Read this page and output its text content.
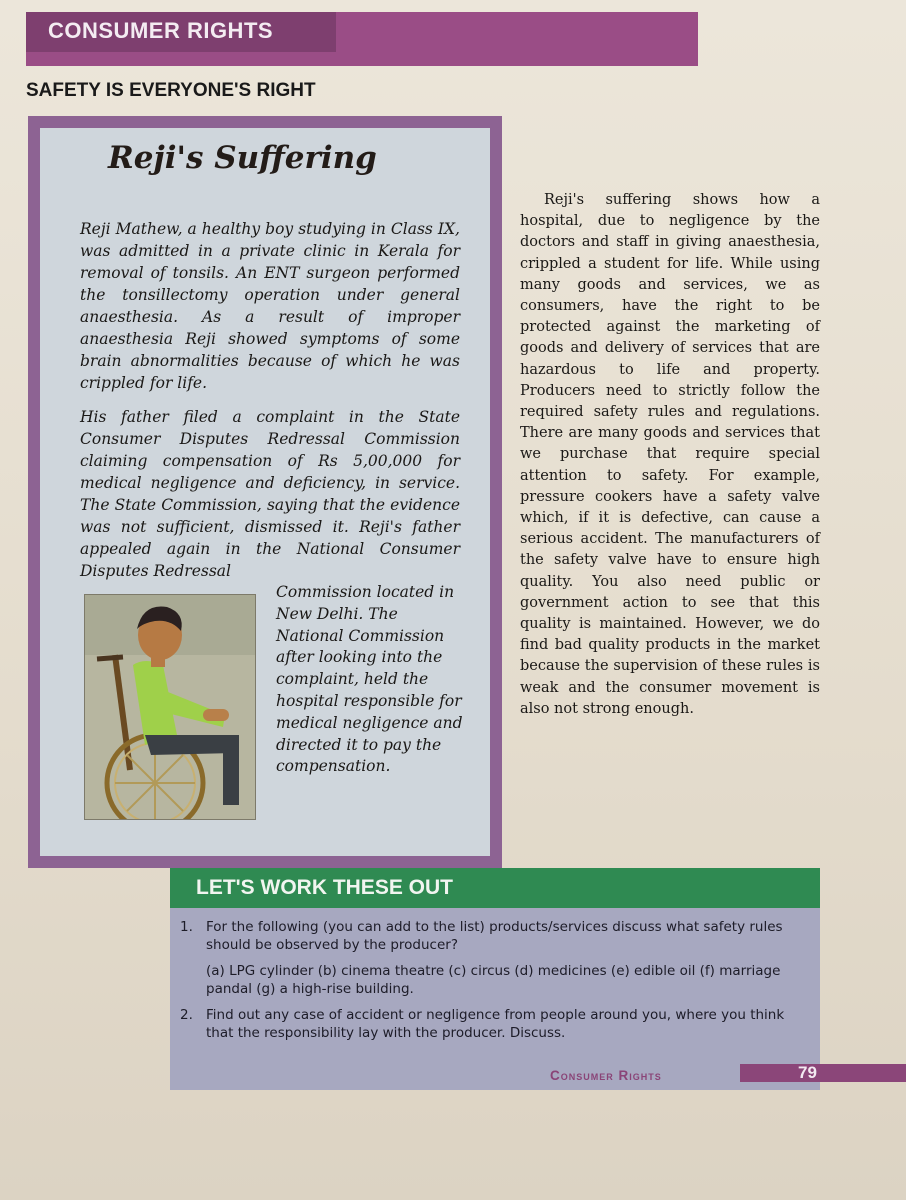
CONSUMER RIGHTS
SAFETY IS EVERYONE'S RIGHT
Reji's Suffering

Reji Mathew, a healthy boy studying in Class IX, was admitted in a private clinic in Kerala for removal of tonsils. An ENT surgeon performed the tonsillectomy operation under general anaesthesia. As a result of improper anaesthesia Reji showed symptoms of some brain abnormalities because of which he was crippled for life.

His father filed a complaint in the State Consumer Disputes Redressal Commission claiming compensation of Rs 5,00,000 for medical negligence and deficiency, in service. The State Commission, saying that the evidence was not sufficient, dismissed it. Reji's father appealed again in the National Consumer Disputes Redressal

Commission located in New Delhi. The National Commission after looking into the complaint, held the hospital responsible for medical negligence and directed it to pay the compensation.

Reji's suffering shows how a hospital, due to negligence by the doctors and staff in giving anaesthesia, crippled a student for life. While using many goods and services, we as consumers, have the right to be protected against the marketing of goods and delivery of services that are hazardous to life and property. Producers need to strictly follow the required safety rules and regulations. There are many goods and services that we purchase that require special attention to safety. For example, pressure cookers have a safety valve which, if it is defective, can cause a serious accident. The manufacturers of the safety valve have to ensure high quality. You also need public or government action to see that this quality is maintained. However, we do find bad quality products in the market because the supervision of these rules is weak and the consumer movement is also not strong enough.

LET'S WORK THESE OUT
1. For the following (you can add to the list) products/services discuss what safety rules should be observed by the producer?
(a) LPG cylinder (b) cinema theatre (c) circus (d) medicines (e) edible oil (f) marriage pandal (g) a high-rise building.
2. Find out any case of accident or negligence from people around you, where you think that the responsibility lay with the producer. Discuss.
Consumer Rights	79
